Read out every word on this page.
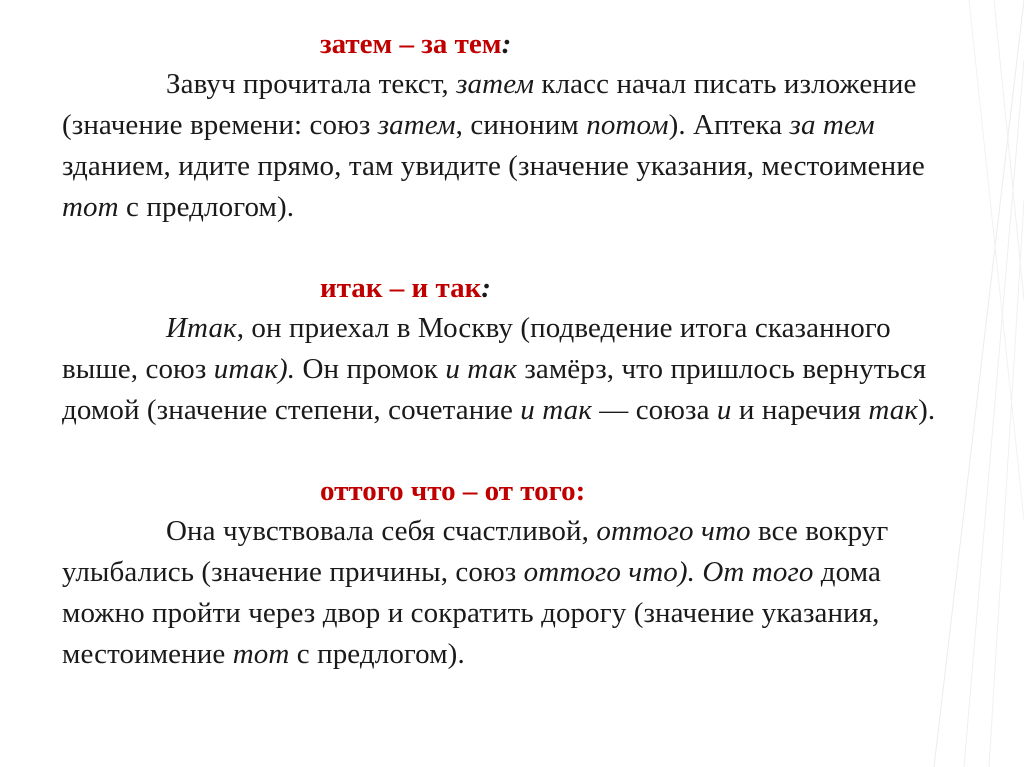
затем – за тем:

Завуч прочитала текст, затем класс начал писать изложение (значение времени: союз затем, синоним потом). Аптека за тем зданием, идите прямо, там увидите (значение указания, местоимение тот с предлогом).

итак – и так:

Итак, он приехал в Москву (подведение итога сказанного выше, союз итак). Он промок и так замёрз, что пришлось вернуться домой (значение степени, сочетание и так — союза и и наречия так).

оттого что – от того:

Она чувствовала себя счастливой, оттого что все вокруг улыбались (значение причины, союз оттого что). От того дома можно пройти через двор и сократить дорогу (значение указания, местоимение тот с предлогом).
